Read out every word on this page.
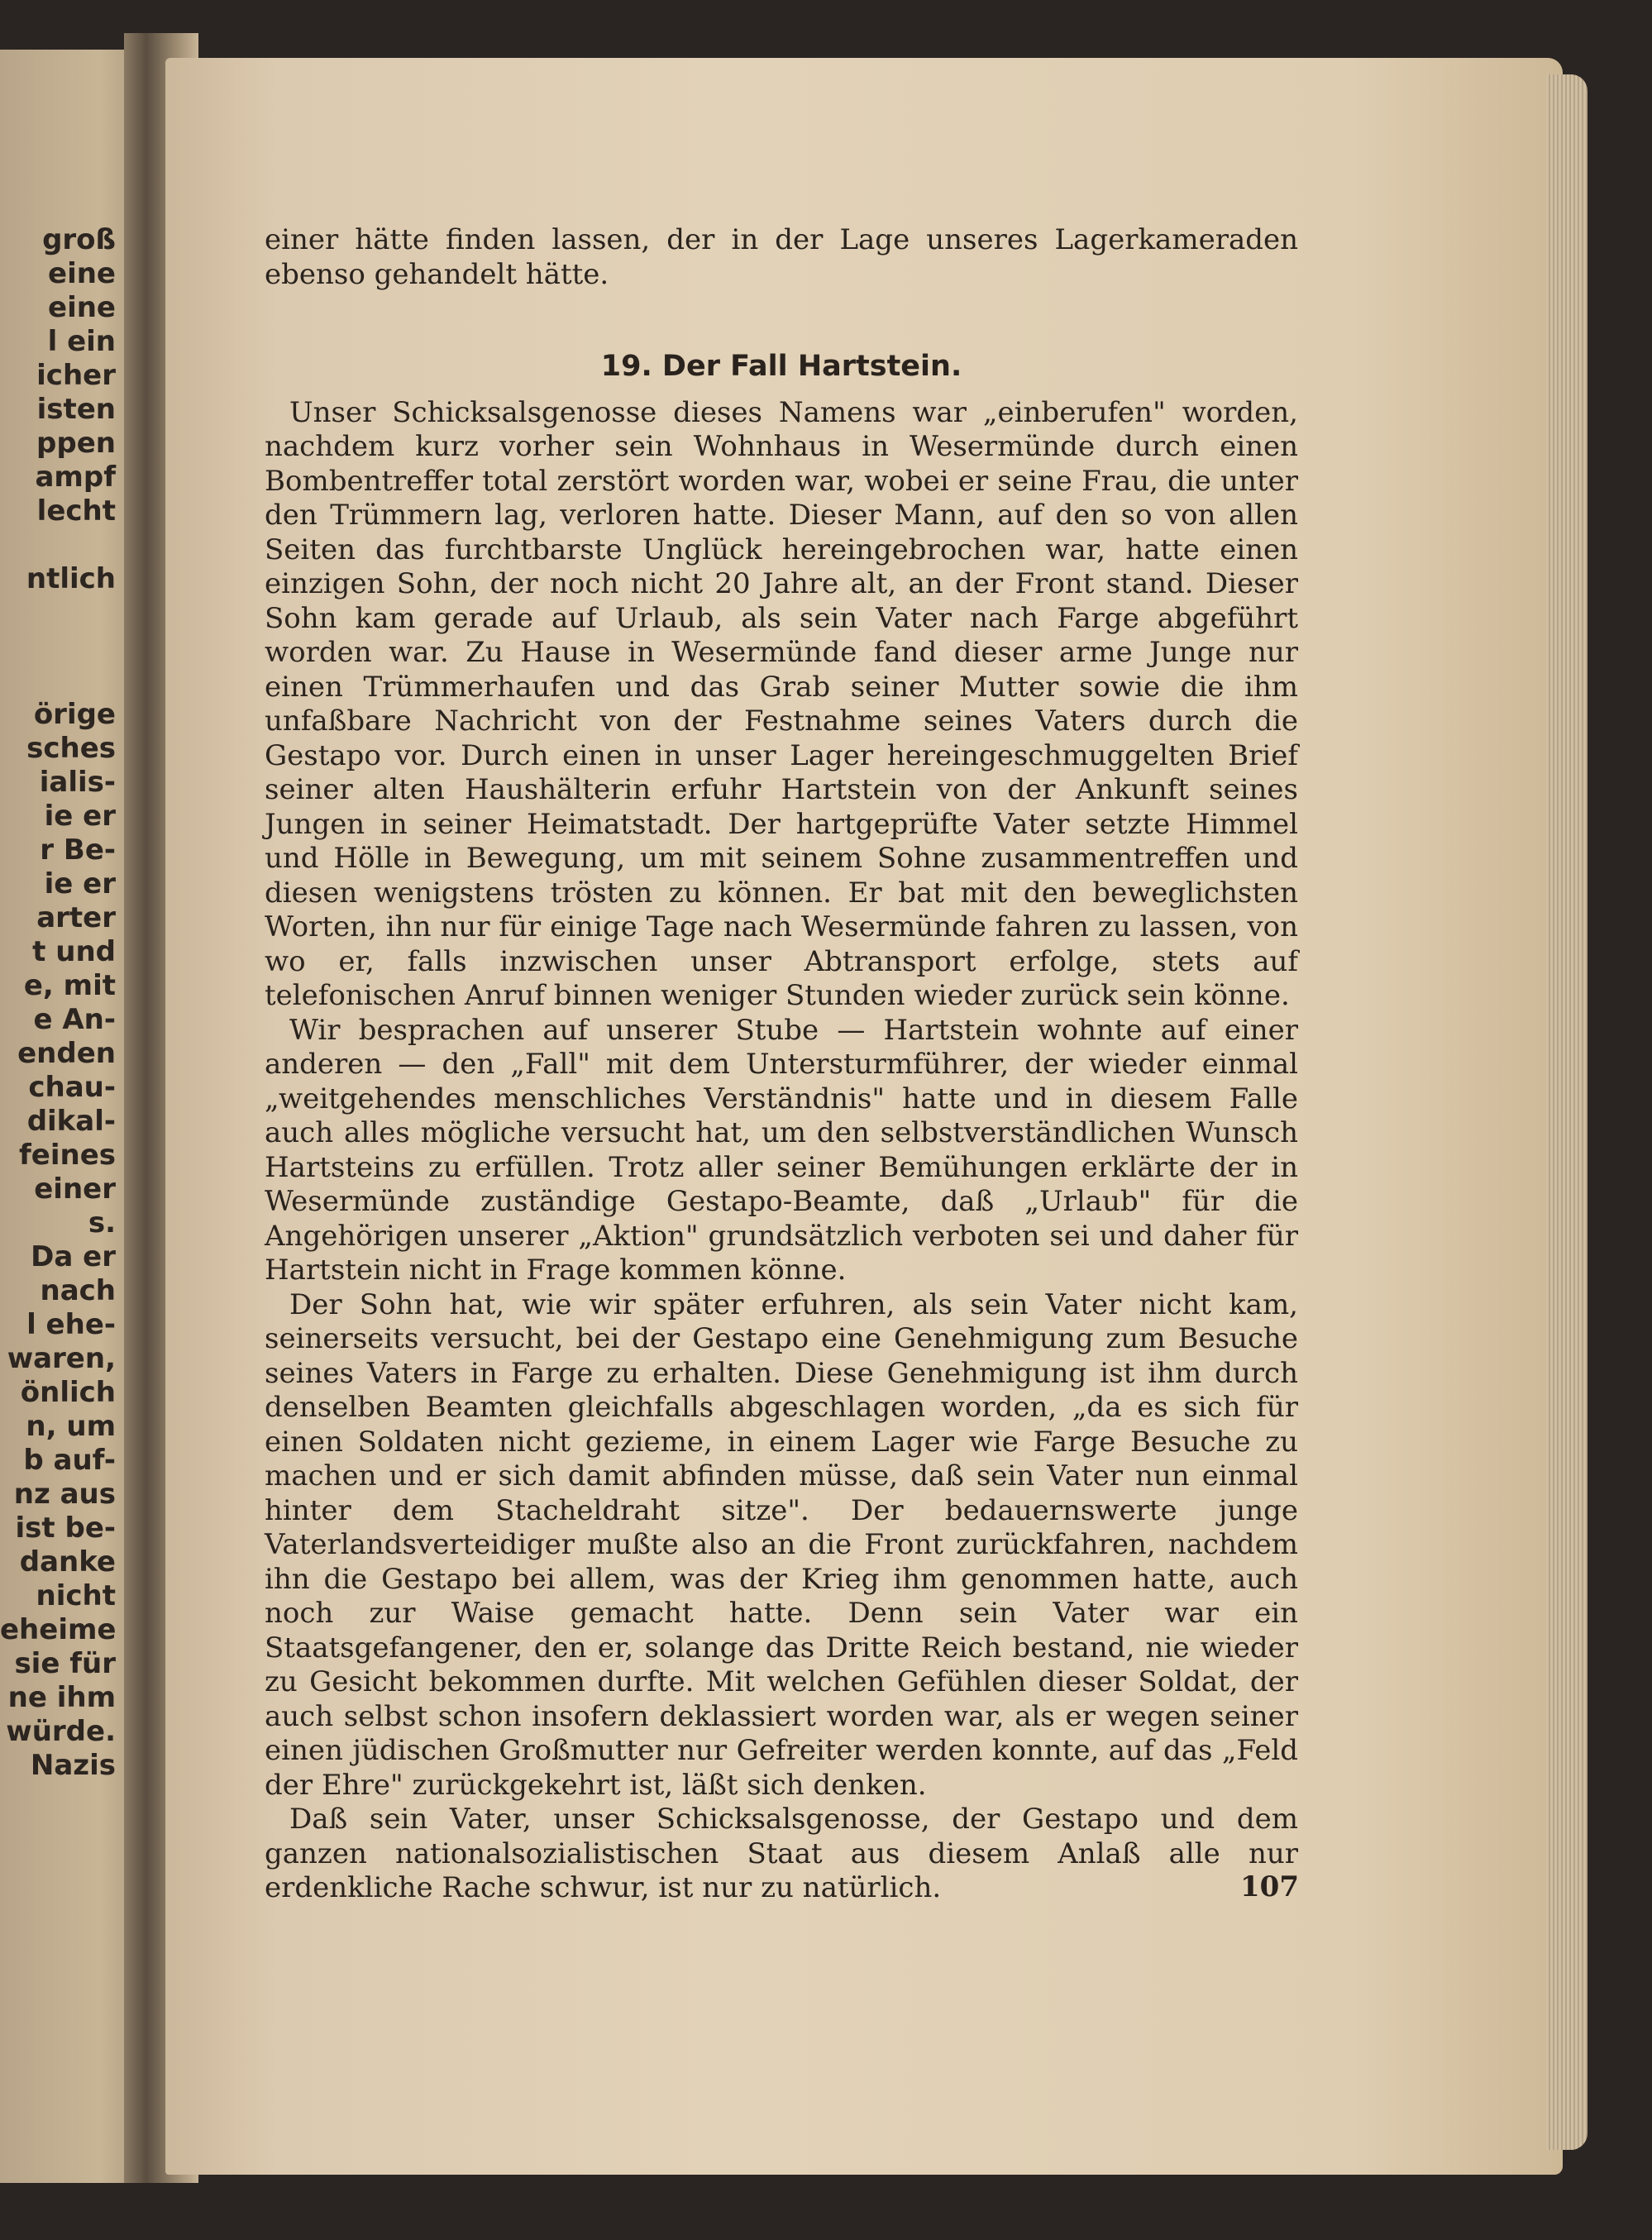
groß
eine
eine
l ein
icher
isten
ppen
ampf
lecht
ntlich
örige
sches
ialis-
ie er
r Be-
ie er
arter
t und
e, mit
e An-
enden
chau-
dikal-
feines
einer
s.
Da er
nach
l ehe-
waren,
önlich
n, um
b auf-
nz aus
ist be-
danke
nicht
eheime
sie für
ne ihm
würde.
Nazis

einer hätte finden lassen, der in der Lage unseres Lagerkameraden ebenso gehandelt hätte.

19. Der Fall Hartstein.

Unser Schicksalsgenosse dieses Namens war „einberufen" worden, nachdem kurz vorher sein Wohnhaus in Wesermünde durch einen Bombentreffer total zerstört worden war, wobei er seine Frau, die unter den Trümmern lag, verloren hatte. Dieser Mann, auf den so von allen Seiten das furchtbarste Unglück hereingebrochen war, hatte einen einzigen Sohn, der noch nicht 20 Jahre alt, an der Front stand. Dieser Sohn kam gerade auf Urlaub, als sein Vater nach Farge abgeführt worden war. Zu Hause in Wesermünde fand dieser arme Junge nur einen Trümmerhaufen und das Grab seiner Mutter sowie die ihm unfaßbare Nachricht von der Festnahme seines Vaters durch die Gestapo vor. Durch einen in unser Lager hereingeschmuggelten Brief seiner alten Haushälterin erfuhr Hartstein von der Ankunft seines Jungen in seiner Heimatstadt. Der hartgeprüfte Vater setzte Himmel und Hölle in Bewegung, um mit seinem Sohne zusammentreffen und diesen wenigstens trösten zu können. Er bat mit den beweglichsten Worten, ihn nur für einige Tage nach Wesermünde fahren zu lassen, von wo er, falls inzwischen unser Abtransport erfolge, stets auf telefonischen Anruf binnen weniger Stunden wieder zurück sein könne.

Wir besprachen auf unserer Stube — Hartstein wohnte auf einer anderen — den „Fall" mit dem Untersturmführer, der wieder einmal „weitgehendes menschliches Verständnis" hatte und in diesem Falle auch alles mögliche versucht hat, um den selbstverständlichen Wunsch Hartsteins zu erfüllen. Trotz aller seiner Bemühungen erklärte der in Wesermünde zuständige Gestapo-Beamte, daß „Urlaub" für die Angehörigen unserer „Aktion" grundsätzlich verboten sei und daher für Hartstein nicht in Frage kommen könne.

Der Sohn hat, wie wir später erfuhren, als sein Vater nicht kam, seinerseits versucht, bei der Gestapo eine Genehmigung zum Besuche seines Vaters in Farge zu erhalten. Diese Genehmigung ist ihm durch denselben Beamten gleichfalls abgeschlagen worden, „da es sich für einen Soldaten nicht gezieme, in einem Lager wie Farge Besuche zu machen und er sich damit abfinden müsse, daß sein Vater nun einmal hinter dem Stacheldraht sitze". Der bedauernswerte junge Vaterlandsverteidiger mußte also an die Front zurückfahren, nachdem ihn die Gestapo bei allem, was der Krieg ihm genommen hatte, auch noch zur Waise gemacht hatte. Denn sein Vater war ein Staatsgefangener, den er, solange das Dritte Reich bestand, nie wieder zu Gesicht bekommen durfte. Mit welchen Gefühlen dieser Soldat, der auch selbst schon insofern deklassiert worden war, als er wegen seiner einen jüdischen Großmutter nur Gefreiter werden konnte, auf das „Feld der Ehre" zurückgekehrt ist, läßt sich denken.

Daß sein Vater, unser Schicksalsgenosse, der Gestapo und dem ganzen nationalsozialistischen Staat aus diesem Anlaß alle nur erdenkliche Rache schwur, ist nur zu natürlich.	107
